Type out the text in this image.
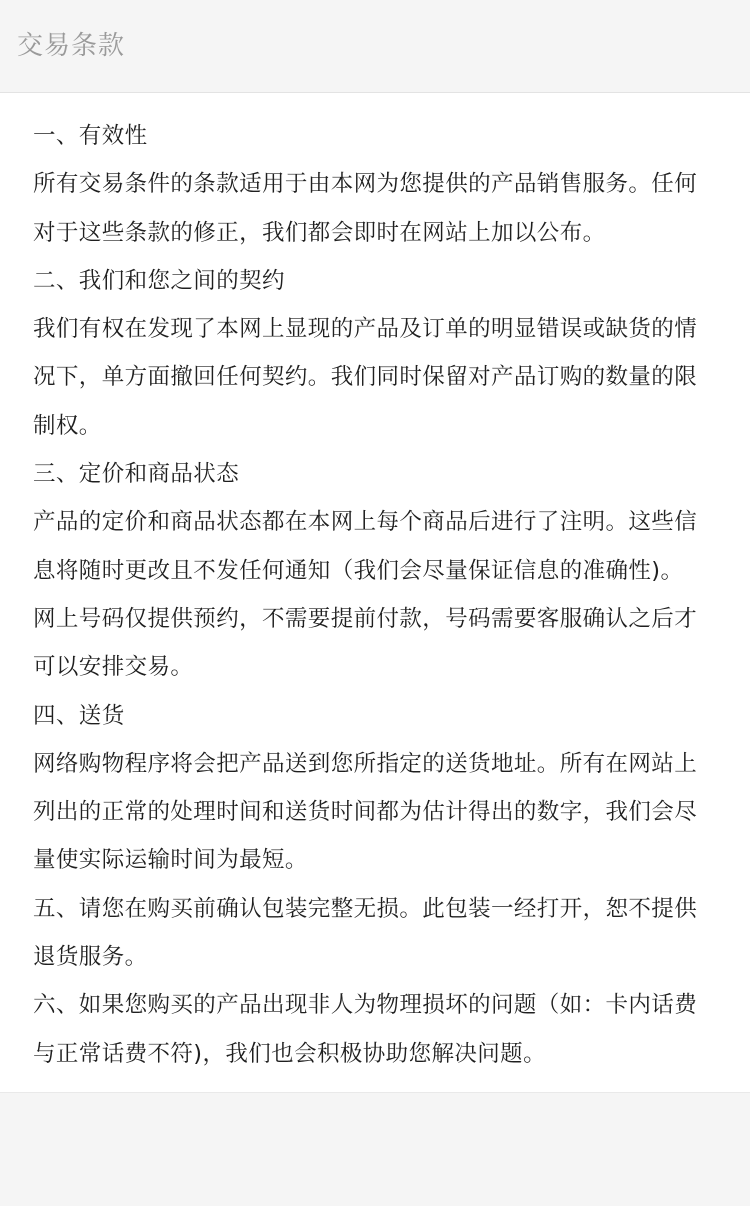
交易条款

一、有效性

所有交易条件的条款适用于由本网为您提供的产品销售服务。任何对于这些条款的修正，我们都会即时在网站上加以公布。

二、我们和您之间的契约

我们有权在发现了本网上显现的产品及订单的明显错误或缺货的情况下，单方面撤回任何契约。我们同时保留对产品订购的数量的限制权。

三、定价和商品状态

产品的定价和商品状态都在本网上每个商品后进行了注明。这些信息将随时更改且不发任何通知（我们会尽量保证信息的准确性)。网上号码仅提供预约，不需要提前付款，号码需要客服确认之后才可以安排交易。

四、送货

网络购物程序将会把产品送到您所指定的送货地址。所有在网站上列出的正常的处理时间和送货时间都为估计得出的数字，我们会尽量使实际运输时间为最短。

五、请您在购买前确认包装完整无损。此包装一经打开，恕不提供退货服务。

六、如果您购买的产品出现非人为物理损坏的问题（如：卡内话费与正常话费不符)，我们也会积极协助您解决问题。
